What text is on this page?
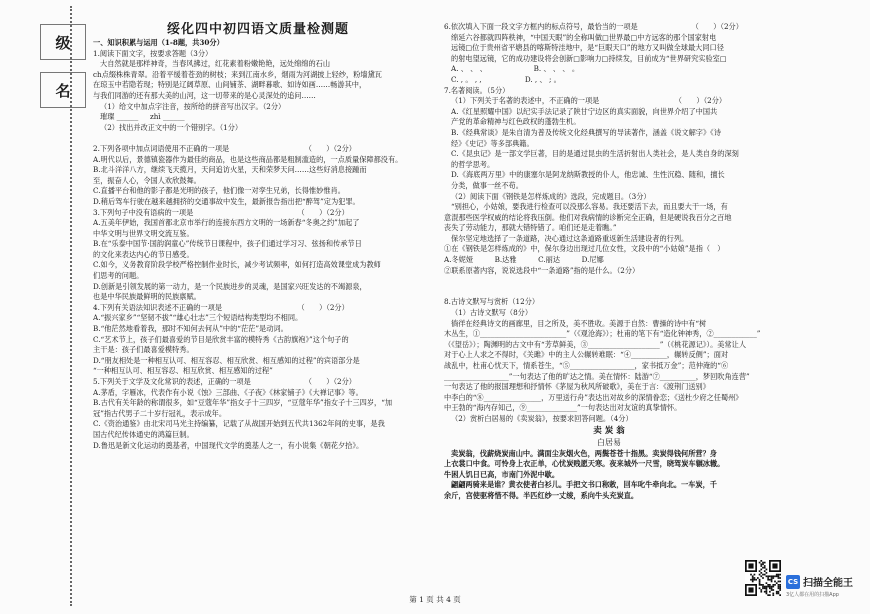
级
名

绥化四中初四语文质量检测题

一、知识积累与运用（1-8题，共30分）

1.阅读下面文字，按要求答题（3分）

大自然就是那样神奇，当春风拂过，红花素着粉嫩艳艳，远处绵绵的石山

ch点缀株株青翠。沿着平缓着苍劲的树枝；来到江南水乡，烟雨为河湖披上轻纱，粉墙黛瓦

在琼玉中若隐若现；特别是辽阔草原、山间铺茶、湖畔暮歌、如诗如画……畅游其中，

与我们同游的还有那大美的山河，这一切带来的是心灵深处的追问……

（1）给文中加点字注音，按所给的拼音写出汉字。（2分）

璀璨 ______ 　 zhì ______

（2）找出并改正文中的一个错别字。（1分）

2.下列各项中加点词语使用不正确的一项是　　　　　　　　　　　（　　）（2分）

A.明代以后，景德镇瓷器作为最佳的商品，也是这些商品都是粗制滥造的，一点质量保障都没有。

B.北斗洋洋八方，继续飞天揽月，天问追访火星，天和荣梦天问……这些好消息接踵而

至，振奋人心，令国人欢欣鼓舞。

C.直播平台和他的影子都是光明的孩子，他们像一对孪生兄弟，长得惟妙惟肖。

D.稍后驾车行驶在越来越拥挤的交通事故中发生，最新报告指出把“醉驾”定为犯罪。

3.下列句子中没有语病的一项是　　　　　　　　　　　　　　　（　　）（2分）

A.五美年伊始，我国首都北京市举行的连接东西方文明的一场新春“冬奥之约”加起了

中华文明与世界文明交流互鉴。

B.在“乐泰中国节·国韵润童心”传统节日课程中，孩子们通过学习习、弦扬和传承节日

的文化来表达内心的节日感受。

C.如今，义务教育阶段学校严格控制作业时长，减少考试频率，如何打造高效课堂成为教师

们思考的问题。

D.创新是引领发展的第一动力，是一个民族进步的灵魂，是国家兴旺发达的不竭源泉，

也是中华民族最鲜明的民族禀赋。

4.下列有关语法知识表述不正确的一项是　　　　　　　　　　　（　　）（2分）

A.“振兴家乡”“坚韧不拔”“雄心壮志”三个短语结构类型均不相同。

B.“他茫然地看着我，那时不知何去何从”中的“茫茫”是动词。

C.“艺术节上，孩子们最喜爱的节目是欣赏丰富的模特秀《古韵旗袍》”这个句子的

主干是：孩子们最喜爱模特秀。

D.“朋友相处是一种相互认可、相互容忍、相互欣赏、相互感知的过程”的宾语部分是

“一种相互认可、相互容忍、相互欣赏、相互感知的过程”

5.下列关于文学及文化常识的表述，正确的一项是　　　　　　　　（　　）（2分）

A.茅盾，字雁冰，代表作有小说《蚀》三部曲、《子夜》《林家铺子》《大禅记事》等。

B.古代有关年龄的称谓很多，如“豆蔻年华”指女子十三四岁，“豆蔻年华”指女子十三四岁，“加

冠”指古代男子二十岁行冠礼，表示成年。

C.《资治通鉴》由北宋司马光主持编纂，记载了从战国开始到五代共1362年间的史事，是我

国古代纪传体通史的鸿篇巨制。

D.鲁迅是新文化运动的奠基者，中国现代文学的奠基人之一，有小说集《朝花夕拾》。

6.依次填入下面一段文字方框内的标点符号，最恰当的一项是　　　　　　　　（　　）（2分）

绵延六谷都就四阵秩神，“中国天眼”的全称叫做□世界最□中方远客的那个国家射电

远镜□位于贵州省平塘县的喀斯特洼地中，是“巨眼天口”的地方又叫做全球最大同口径

的射电望远镜，它的成功建设将会创新□影响力□持续发，目前成为“世界研究实验室□

A. 、 、 、　　　　　　　B. 、 、 、 。

C. , 。 , ,　　　　　　D. , 、 ; 。

7.名著阅读。（5分）

（1）下列关于名著的表述中，不正确的一项是　　　　　　　　　　　（　　）（2分）

A.《红星照耀中国》以纪实手法记录了陕甘宁边区的真实面貌，向世界介绍了中国共

产党的革命精神与红色政权的蓬勃生机。

B.《经典常谈》是朱自清为普及传统文化经典撰写的导读著作，涵盖《说文解字》《诗

经》《史记》等多部典籍。

C.《昆虫记》是一部文学巨著，目的是通过昆虫的生活折射出人类社会，是人类自身的深刻

的哲学思考。

D.《海底两万里》中的康塞尔是阿龙纳斯教授的仆人，他忠诚、生性沉稳、随和，擅长

分类，做事一丝不苟。

（2）阅读下面《钢铁是怎样炼成的》选段，完成题目。（3分）

“别担心，小姑娘，要我进行检查可以没那么容易。我还要活下去，而且要大干一场，有

意混那些医学权威的结论将我压倒。他们对我病情的诊断完全正确，但是硬说我百分之百地

丧失了劳动能力，那就大错特错了。咱们还是走着瞧。”

保尔坚定地选择了一条道路，决心通过这条道路重返新生活建设者的行列。

①在《钢铁是怎样炼成的》中，保尔身边出现过几位女性，文段中的“小姑娘”是指（　）

A.冬妮娅　　　B.达雅　　　C.丽达　　　D.尼娜

②联系原著内容，说说选段中“一条道路”指的是什么。（2分）

8.古诗文默写与赏析（12分）

（1）古诗文默写（8分）

徜徉在经典诗文的画廊里，目之所及，美不胜收。美源于自然：曹操的诗中有“树

木丛生，①________________________”（《观沧海》）；杜甫的笔下有“造化钟神秀，②____________”

（《望岳》）；陶渊明的古文中有“芳草鲜美，③____________________”（《桃花源记》）。美常让人

对于心上人求之不得时，《关雎》中的主人公辗转难眠：“④__________，辗转反侧”；面对

战乱中，杜甫心忧天下，情系苍生，“⑤__________________，家书抵万金”；范仲淹的“⑥

__________________”一句表达了他的旷达之情。美在情怀：陆游“⑦__________，梦回吹角连营”

一句表达了他的报国理想和抒情怀《茅屋为秋风所破歌》，美在于言：《渡荆门送别》

中李白的“⑧________________，万里送行舟”表达出对故乡的深情眷恋；《送杜少府之任蜀州》

中王勃的“海内存知己，⑨______________”一句表达出对友谊的真挚情怀。

（2）赏析白居易的《卖炭翁》，按要求回答问题。（4分）

卖 炭 翁

白居易

卖炭翁，伐薪烧炭南山中。满面尘灰烟火色，两鬓苍苍十指黑。卖炭得钱何所营？身

上衣裳口中食。可怜身上衣正单，心忧炭贱愿天寒。夜来城外一尺雪，晓驾炭车辗冰辙。

牛困人饥日已高，市南门外泥中歇。

翩翩两骑来是谁？黄衣使者白衫儿。手把文书口称敕，回车叱牛牵向北。一车炭，千

余斤，宫使驱将惜不得。半匹红纱一丈绫，系向牛头充炭直。

第 1 页 共 4 页
CS 扫描全能王
3亿人都在用的扫描App
